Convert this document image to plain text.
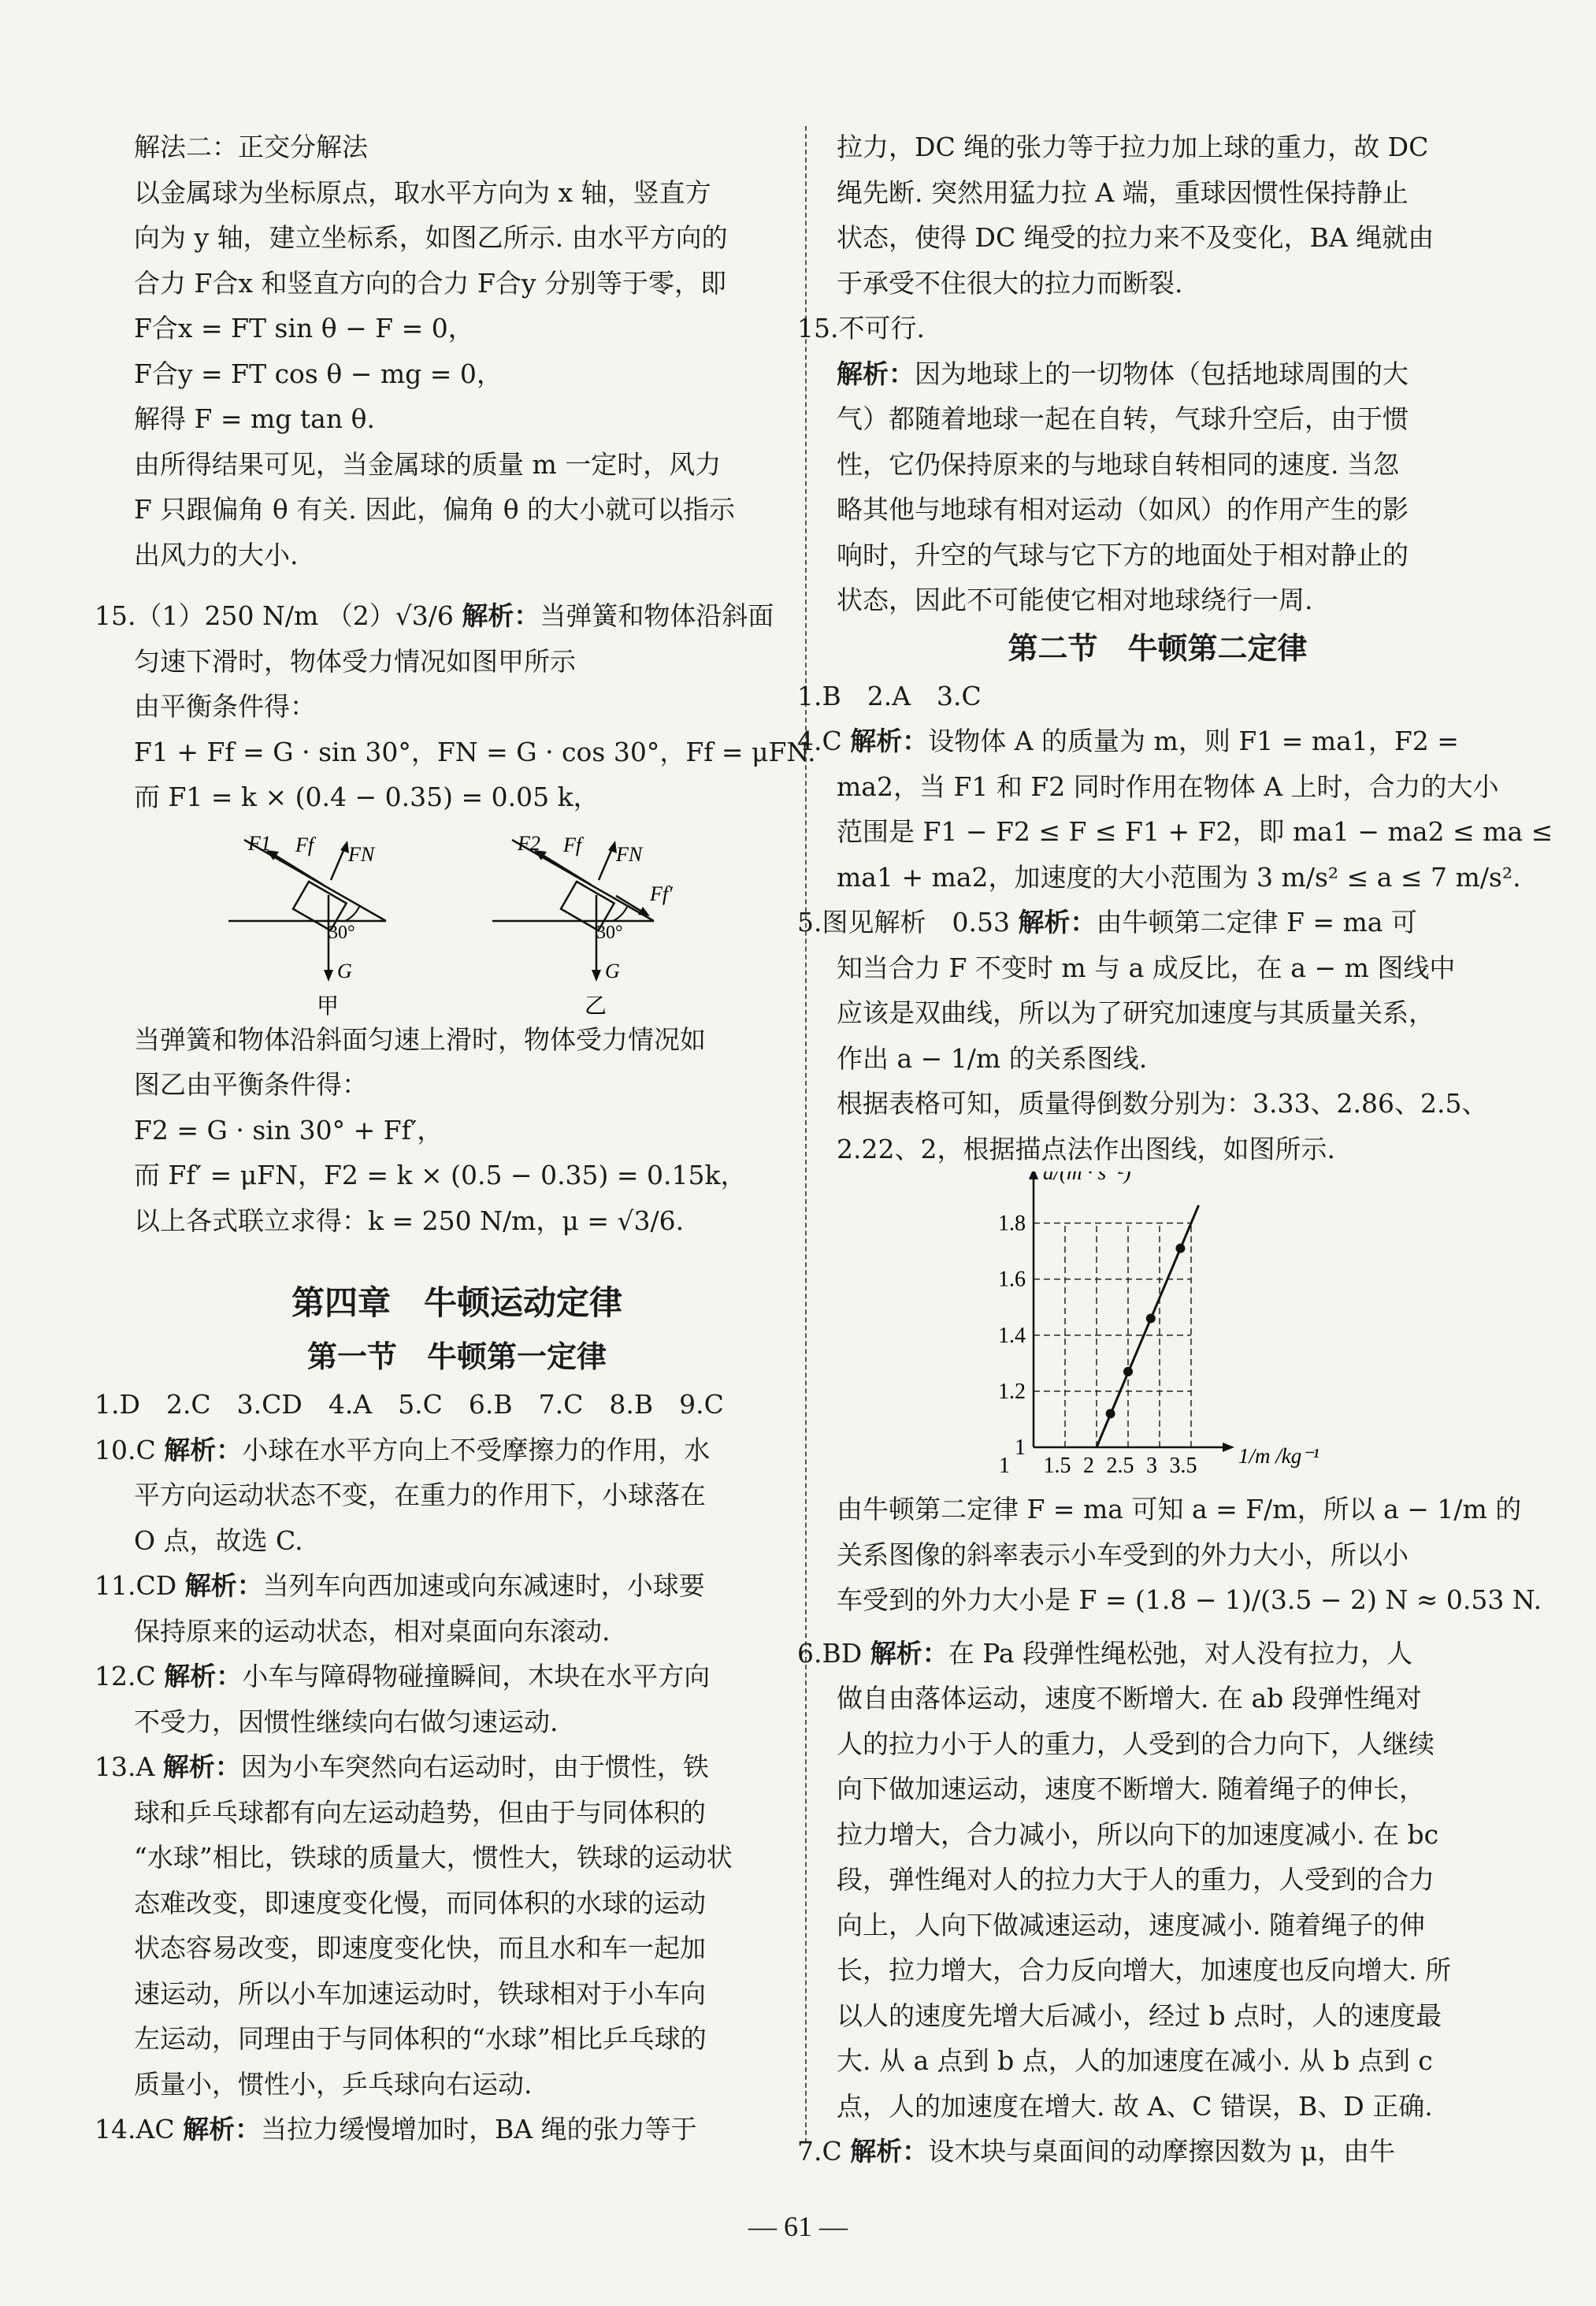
解法二：正交分解法
以金属球为坐标原点，取水平方向为 x 轴，竖直方
向为 y 轴，建立坐标系，如图乙所示. 由水平方向的
合力 F合x 和竖直方向的合力 F合y 分别等于零，即
F合x = FT sin θ − F = 0，
F合y = FT cos θ − mg = 0，
解得 F = mg tan θ.
由所得结果可见，当金属球的质量 m 一定时，风力
F 只跟偏角 θ 有关. 因此，偏角 θ 的大小就可以指示
出风力的大小.
15.（1）250 N/m （2）√3/6 解析：当弹簧和物体沿斜面
匀速下滑时，物体受力情况如图甲所示
由平衡条件得：
F1 + Ff = G · sin 30°，FN = G · cos 30°，Ff = μFN.
而 F1 = k × (0.4 − 0.35) = 0.05 k，
F1 Ff FN
30°
G
甲
F2 Ff FN
Ff′
30°
G
乙
当弹簧和物体沿斜面匀速上滑时，物体受力情况如
图乙由平衡条件得：
F2 = G · sin 30° + Ff′，
而 Ff′ = μFN，F2 = k × (0.5 − 0.35) = 0.15k，
以上各式联立求得：k = 250 N/m，μ = √3/6.
第四章　牛顿运动定律
第一节　牛顿第一定律
1.D　2.C　3.CD　4.A　5.C　6.B　7.C　8.B　9.C
10.C 解析：小球在水平方向上不受摩擦力的作用，水
平方向运动状态不变，在重力的作用下，小球落在
O 点，故选 C.
11.CD 解析：当列车向西加速或向东减速时，小球要
保持原来的运动状态，相对桌面向东滚动.
12.C 解析：小车与障碍物碰撞瞬间，木块在水平方向
不受力，因惯性继续向右做匀速运动.
13.A 解析：因为小车突然向右运动时，由于惯性，铁
球和乒乓球都有向左运动趋势，但由于与同体积的
“水球”相比，铁球的质量大，惯性大，铁球的运动状
态难改变，即速度变化慢，而同体积的水球的运动
状态容易改变，即速度变化快，而且水和车一起加
速运动，所以小车加速运动时，铁球相对于小车向
左运动，同理由于与同体积的“水球”相比乒乓球的
质量小，惯性小，乒乓球向右运动.
14.AC 解析：当拉力缓慢增加时，BA 绳的张力等于
拉力，DC 绳的张力等于拉力加上球的重力，故 DC
绳先断. 突然用猛力拉 A 端，重球因惯性保持静止
状态，使得 DC 绳受的拉力来不及变化，BA 绳就由
于承受不住很大的拉力而断裂.
15.不可行.
解析：因为地球上的一切物体（包括地球周围的大
气）都随着地球一起在自转，气球升空后，由于惯
性，它仍保持原来的与地球自转相同的速度. 当忽
略其他与地球有相对运动（如风）的作用产生的影
响时，升空的气球与它下方的地面处于相对静止的
状态，因此不可能使它相对地球绕行一周.
第二节　牛顿第二定律
1.B　2.A　3.C
4.C 解析：设物体 A 的质量为 m，则 F1 = ma1，F2 =
ma2，当 F1 和 F2 同时作用在物体 A 上时，合力的大小
范围是 F1 − F2 ≤ F ≤ F1 + F2，即 ma1 − ma2 ≤ ma ≤
ma1 + ma2，加速度的大小范围为 3 m/s² ≤ a ≤ 7 m/s².
5.图见解析　0.53 解析：由牛顿第二定律 F = ma 可
知当合力 F 不变时 m 与 a 成反比，在 a − m 图线中
应该是双曲线，所以为了研究加速度与其质量关系，
作出 a − 1/m 的关系图线.
根据表格可知，质量得倒数分别为：3.33、2.86、2.5、
2.22、2，根据描点法作出图线，如图所示.
1 1.5 2 2.5 3 3.5
1
1.2
1.4
1.6
1.8
a/(m · s⁻²)
1/m /kg⁻¹
由牛顿第二定律 F = ma 可知 a = F/m，所以 a − 1/m 的
关系图像的斜率表示小车受到的外力大小，所以小
车受到的外力大小是 F = (1.8 − 1)/(3.5 − 2) N ≈ 0.53 N.
6.BD 解析：在 Pa 段弹性绳松弛，对人没有拉力，人
做自由落体运动，速度不断增大. 在 ab 段弹性绳对
人的拉力小于人的重力，人受到的合力向下，人继续
向下做加速运动，速度不断增大. 随着绳子的伸长，
拉力增大，合力减小，所以向下的加速度减小. 在 bc
段，弹性绳对人的拉力大于人的重力，人受到的合力
向上，人向下做减速运动，速度减小. 随着绳子的伸
长，拉力增大，合力反向增大，加速度也反向增大. 所
以人的速度先增大后减小，经过 b 点时，人的速度最
大. 从 a 点到 b 点，人的加速度在减小. 从 b 点到 c
点，人的加速度在增大. 故 A、C 错误，B、D 正确.
7.C 解析：设木块与桌面间的动摩擦因数为 μ，由牛
— 61 —
